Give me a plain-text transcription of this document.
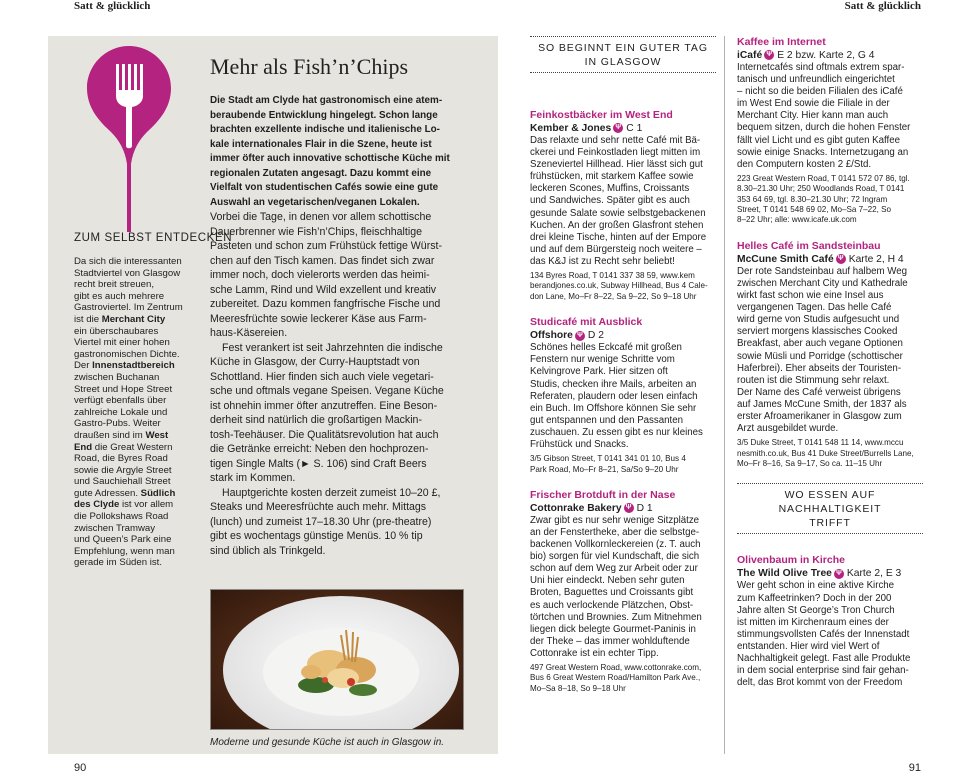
Satt & glücklich	Satt & glücklich
90	91
ZUM SELBST ENTDECKEN
Da sich die interessanten
Stadtviertel von Glasgow
recht breit streuen,
gibt es auch mehrere
Gastroviertel. Im Zentrum
ist die Merchant City
ein überschaubares
Viertel mit einer hohen
gastronomischen Dichte.
Der Innenstadtbereich
zwischen Buchanan
Street und Hope Street
verfügt ebenfalls über
zahlreiche Lokale und
Gastro-Pubs. Weiter
draußen sind im West
End die Great Western
Road, die Byres Road
sowie die Argyle Street
und Sauchiehall Street
gute Adressen. Südlich
des Clyde ist vor allem
die Pollokshaws Road
zwischen Tramway
und Queen’s Park eine
Empfehlung, wenn man
gerade im Süden ist.
Mehr als Fish’n’Chips
Die Stadt am Clyde hat gastronomisch eine atem-
beraubende Entwicklung hingelegt. Schon lange
brachten exzellente indische und italienische Lo-
kale internationales Flair in die Szene, heute ist
immer öfter auch innovative schottische Küche mit
regionalen Zutaten angesagt. Dazu kommt eine
Vielfalt von studentischen Cafés sowie eine gute
Auswahl an vegetarischen/veganen Lokalen.
Vorbei die Tage, in denen vor allem schottische
Dauerbrenner wie Fish’n’Chips, fleischhaltige
Pasteten und schon zum Frühstück fettige Würst-
chen auf den Tisch kamen. Das findet sich zwar
immer noch, doch vielerorts werden das heimi-
sche Lamm, Rind und Wild exzellent und kreativ
zubereitet. Dazu kommen fangfrische Fische und
Meeresfrüchte sowie leckerer Käse aus Farm-
haus-Käsereien.
Fest verankert ist seit Jahrzehnten die indische
Küche in Glasgow, der Curry-Hauptstadt von
Schottland. Hier finden sich auch viele vegetari-
sche und oftmals vegane Speisen. Vegane Küche
ist ohnehin immer öfter anzutreffen. Eine Beson-
derheit sind natürlich die großartigen Mackin-
tosh-Teehäuser. Die Qualitätsrevolution hat auch
die Getränke erreicht: Neben den hochprozen-
tigen Single Malts (► S. 106) sind Craft Beers
stark im Kommen.
Hauptgerichte kosten derzeit zumeist 10–20 £,
Steaks und Meeresfrüchte auch mehr. Mittags
(lunch) und zumeist 17–18.30 Uhr (pre-theatre)
gibt es wochentags günstige Menüs. 10 % tip
sind üblich als Trinkgeld.
Moderne und gesunde Küche ist auch in Glasgow in.
SO BEGINNT EIN GUTER TAG
IN GLASGOW
Feinkostbäcker im West End
Kember & Jones Ψ C 1
Das relaxte und sehr nette Café mit Bä-
ckerei und Feinkostladen liegt mitten im
Szeneviertel Hillhead. Hier lässt sich gut
frühstücken, mit starkem Kaffee sowie
leckeren Scones, Muffins, Croissants
und Sandwiches. Später gibt es auch
gesunde Salate sowie selbstgebackenen
Kuchen. An der großen Glasfront stehen
drei kleine Tische, hinten auf der Empore
und auf dem Bürgersteig noch weitere –
das K&J ist zu Recht sehr beliebt!
134 Byres Road, T 0141 337 38 59, www.kem
berandjones.co.uk, Subway Hillhead, Bus 4 Cale-
don Lane, Mo–Fr 8–22, Sa 9–22, So 9–18 Uhr
Studicafé mit Ausblick
Offshore Ψ D 2
Schönes helles Eckcafé mit großen
Fenstern nur wenige Schritte vom
Kelvingrove Park. Hier sitzen oft
Studis, checken ihre Mails, arbeiten an
Referaten, plaudern oder lesen einfach
ein Buch. Im Offshore können Sie sehr
gut entspannen und den Passanten
zuschauen. Zu essen gibt es nur kleines
Frühstück und Snacks.
3/5 Gibson Street, T 0141 341 01 10, Bus 4
Park Road, Mo–Fr 8–21, Sa/So 9–20 Uhr
Frischer Brotduft in der Nase
Cottonrake Bakery Ψ D 1
Zwar gibt es nur sehr wenige Sitzplätze
an der Fenstertheke, aber die selbstge-
backenen Vollkornleckereien (z. T. auch
bio) sorgen für viel Kundschaft, die sich
schon auf dem Weg zur Arbeit oder zur
Uni hier eindeckt. Neben sehr guten
Broten, Baguettes und Croissants gibt
es auch verlockende Plätzchen, Obst-
törtchen und Brownies. Zum Mitnehmen
liegen dick belegte Gourmet-Paninis in
der Theke – das immer wohlduftende
Cottonrake ist ein echter Tipp.
497 Great Western Road, www.cottonrake.com,
Bus 6 Great Western Road/Hamilton Park Ave.,
Mo–Sa 8–18, So 9–18 Uhr
Kaffee im Internet
iCafé Ψ E 2 bzw. Karte 2, G 4
Internetcafés sind oftmals extrem spar-
tanisch und unfreundlich eingerichtet
– nicht so die beiden Filialen des iCafé
im West End sowie die Filiale in der
Merchant City. Hier kann man auch
bequem sitzen, durch die hohen Fenster
fällt viel Licht und es gibt guten Kaffee
sowie einige Snacks. Internetzugang an
den Computern kosten 2 £/Std.
223 Great Western Road, T 0141 572 07 86, tgl.
8.30–21.30 Uhr; 250 Woodlands Road, T 0141
353 64 69, tgl. 8.30–21.30 Uhr; 72 Ingram
Street, T 0141 548 69 02, Mo–Sa 7–22, So
8–22 Uhr; alle: www.icafe.uk.com
Helles Café im Sandsteinbau
McCune Smith Café Ψ Karte 2, H 4
Der rote Sandsteinbau auf halbem Weg
zwischen Merchant City und Kathedrale
wirkt fast schon wie eine Insel aus
vergangenen Tagen. Das helle Café
wird gerne von Studis aufgesucht und
serviert morgens klassisches Cooked
Breakfast, aber auch vegane Optionen
sowie Müsli und Porridge (schottischer
Haferbrei). Eher abseits der Touristen-
routen ist die Stimmung sehr relaxt.
Der Name des Café verweist übrigens
auf James McCune Smith, der 1837 als
erster Afroamerikaner in Glasgow zum
Arzt ausgebildet wurde.
3/5 Duke Street, T 0141 548 11 14, www.mccu
nesmith.co.uk, Bus 41 Duke Street/Burrells Lane,
Mo–Fr 8–16, Sa 9–17, So ca. 11–15 Uhr
WO ESSEN AUF NACHHALTIGKEIT
TRIFFT
Olivenbaum in Kirche
The Wild Olive Tree Ψ Karte 2, E 3
Wer geht schon in eine aktive Kirche
zum Kaffeetrinken? Doch in der 200
Jahre alten St George’s Tron Church
ist mitten im Kirchenraum eines der
stimmungsvollsten Cafés der Innenstadt
entstanden. Hier wird viel Wert of
Nachhaltigkeit gelegt. Fast alle Produkte
in dem social enterprise sind fair gehan-
delt, das Brot kommt von der Freedom
